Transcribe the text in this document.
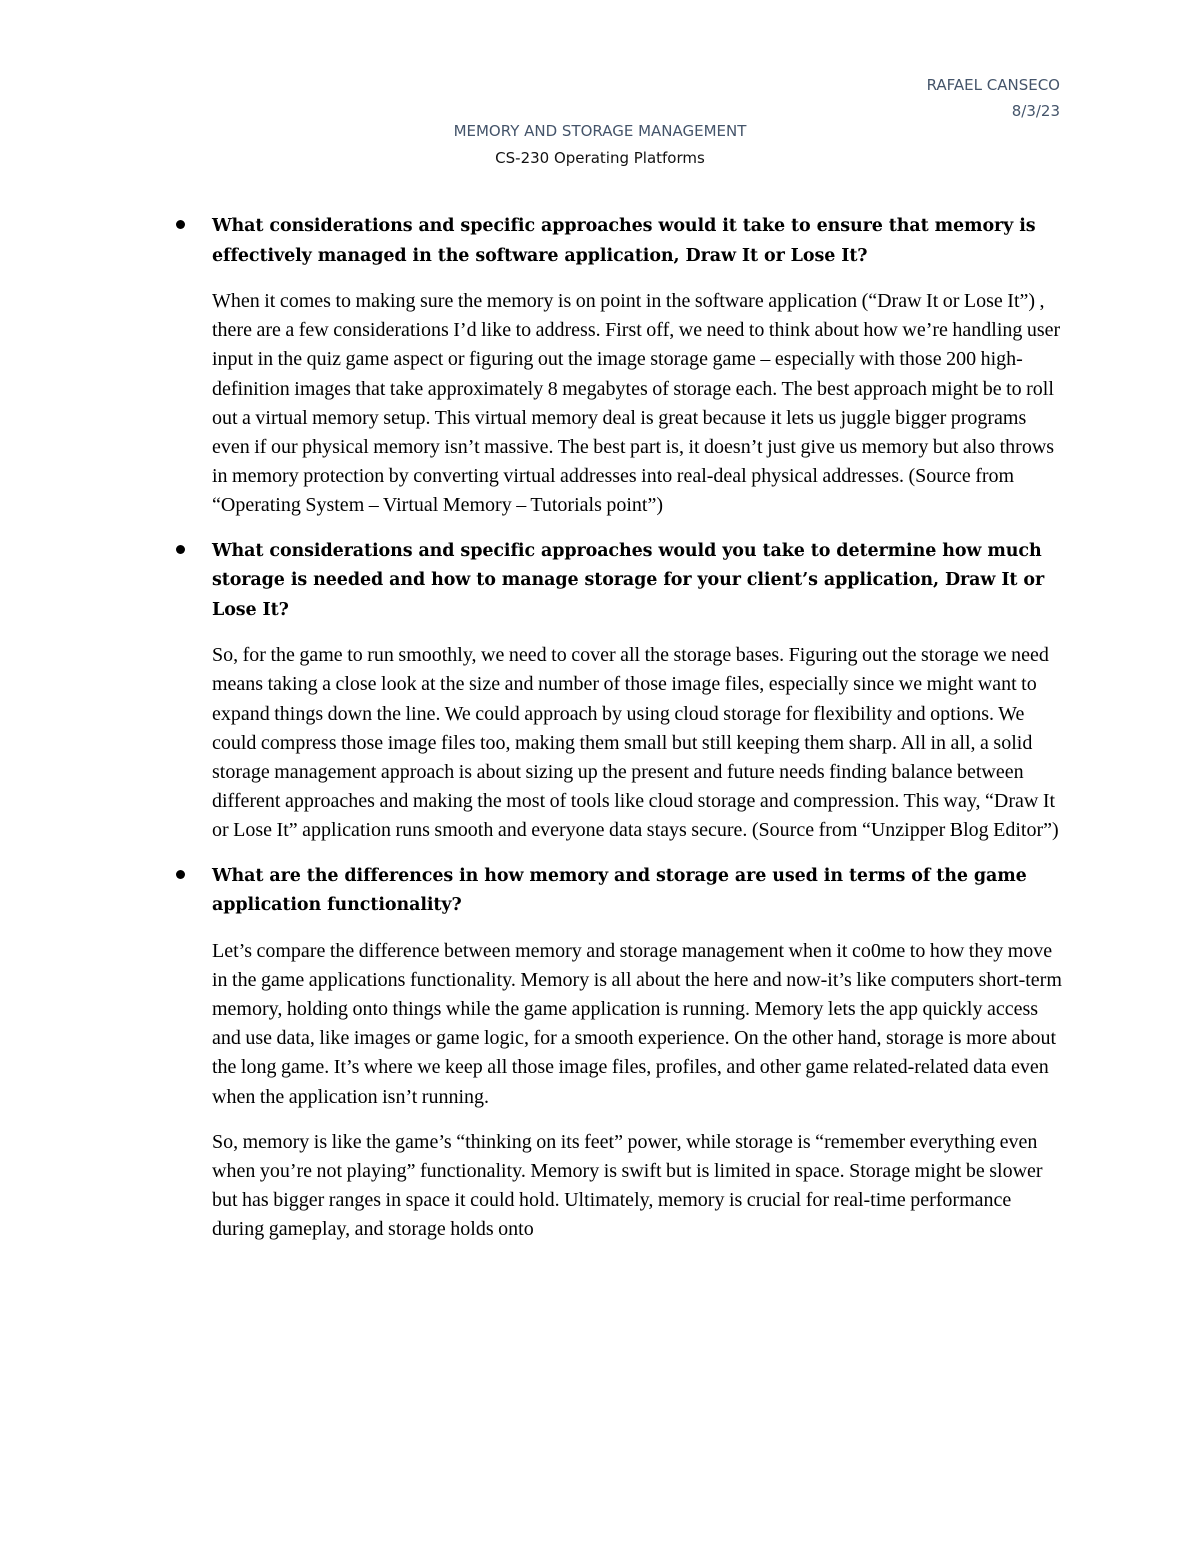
RAFAEL CANSECO
8/3/23
MEMORY AND STORAGE MANAGEMENT
CS-230 Operating Platforms

What considerations and specific approaches would it take to ensure that memory is effectively managed in the software application, Draw It or Lose It?

When it comes to making sure the memory is on point in the software application (“Draw It or Lose It”) , there are a few considerations I’d like to address. First off, we need to think about how we’re handling user input in the quiz game aspect or figuring out the image storage game – especially with those 200 high-definition images that take approximately 8 megabytes of storage each. The best approach might be to roll out a virtual memory setup. This virtual memory deal is great because it lets us juggle bigger programs even if our physical memory isn’t massive. The best part is, it doesn’t just give us memory but also throws in memory protection by converting virtual addresses into real-deal physical addresses. (Source from “Operating System – Virtual Memory – Tutorials point”)

What considerations and specific approaches would you take to determine how much storage is needed and how to manage storage for your client’s application, Draw It or Lose It?

So, for the game to run smoothly, we need to cover all the storage bases. Figuring out the storage we need means taking a close look at the size and number of those image files, especially since we might want to expand things down the line. We could approach by using cloud storage for flexibility and options. We could compress those image files too, making them small but still keeping them sharp. All in all, a solid storage management approach is about sizing up the present and future needs finding balance between different approaches and making the most of tools like cloud storage and compression. This way, “Draw It or Lose It” application runs smooth and everyone data stays secure. (Source from “Unzipper Blog Editor”)

What are the differences in how memory and storage are used in terms of the game application functionality?

Let’s compare the difference between memory and storage management when it co0me to how they move in the game applications functionality. Memory is all about the here and now-it’s like computers short-term memory, holding onto things while the game application is running. Memory lets the app quickly access and use data, like images or game logic, for a smooth experience. On the other hand, storage is more about the long game. It’s where we keep all those image files, profiles, and other game related-related data even when the application isn’t running.

So, memory is like the game’s “thinking on its feet” power, while storage is “remember everything even when you’re not playing” functionality. Memory is swift but is limited in space. Storage might be slower but has bigger ranges in space it could hold. Ultimately, memory is crucial for real-time performance during gameplay, and storage holds onto
